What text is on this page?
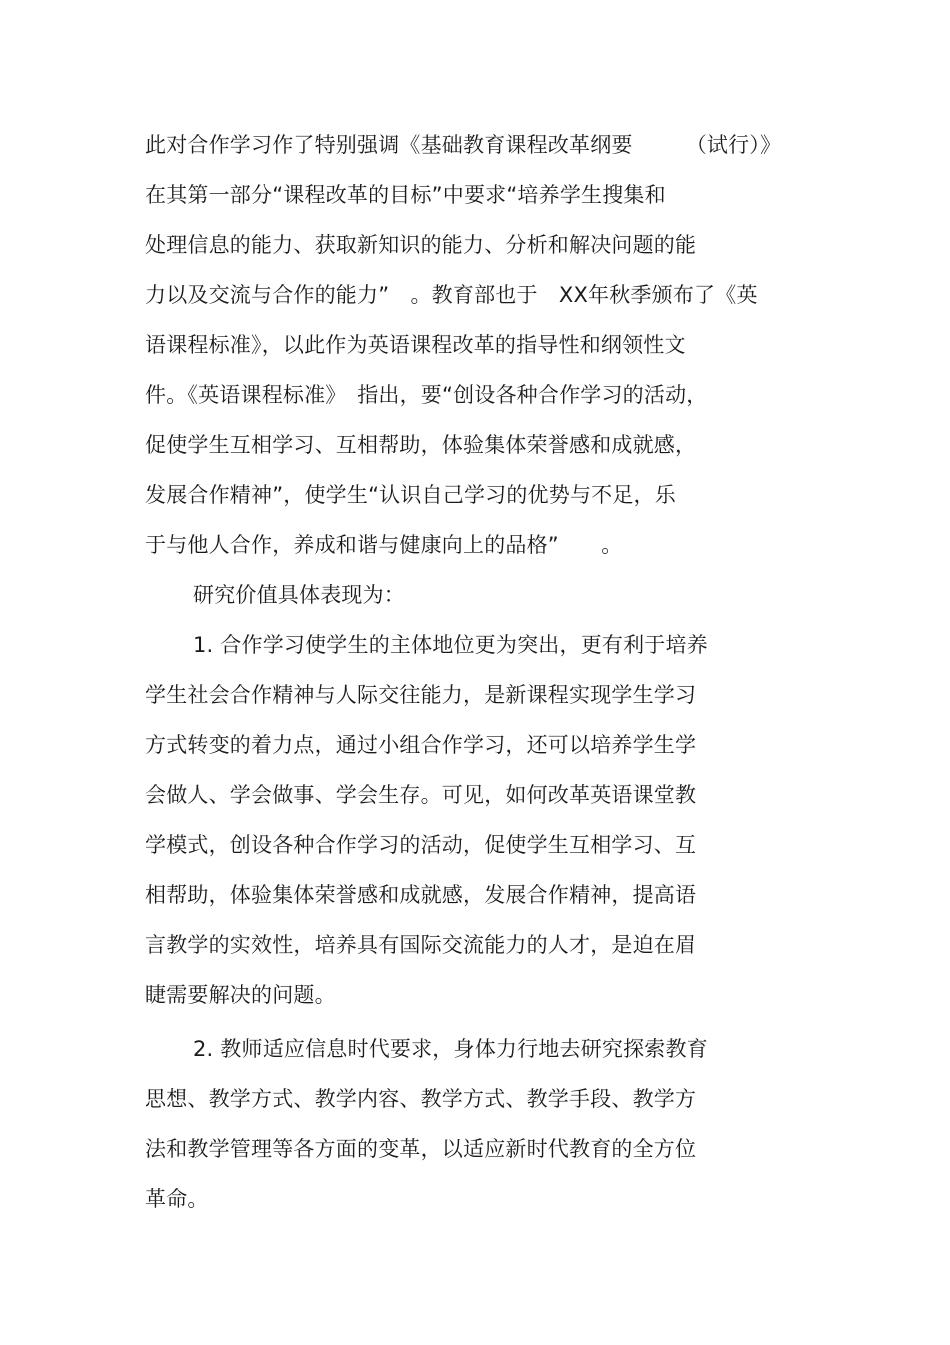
此对合作学习作了特别强调《基础教育课程改革纲要　　　（试行）》
在其第一部分“课程改革的目标”中要求“培养学生搜集和
处理信息的能力、获取新知识的能力、分析和解决问题的能
力以及交流与合作的能力”　。教育部也于　XX年秋季颁布了《英
语课程标准》，以此作为英语课程改革的指导性和纲领性文
件。《英语课程标准》　指出，要“创设各种合作学习的活动，
促使学生互相学习、互相帮助，体验集体荣誉感和成就感，
发展合作精神”，使学生“认识自己学习的优势与不足，乐
于与他人合作，养成和谐与健康向上的品格”　　。
研究价值具体表现为：
1. 合作学习使学生的主体地位更为突出，更有利于培养
学生社会合作精神与人际交往能力，是新课程实现学生学习
方式转变的着力点，通过小组合作学习，还可以培养学生学
会做人、学会做事、学会生存。可见，如何改革英语课堂教
学模式，创设各种合作学习的活动，促使学生互相学习、互
相帮助，体验集体荣誉感和成就感，发展合作精神，提高语
言教学的实效性，培养具有国际交流能力的人才，是迫在眉
睫需要解决的问题。
2. 教师适应信息时代要求，身体力行地去研究探索教育
思想、教学方式、教学内容、教学方式、教学手段、教学方
法和教学管理等各方面的变革，以适应新时代教育的全方位
革命。
